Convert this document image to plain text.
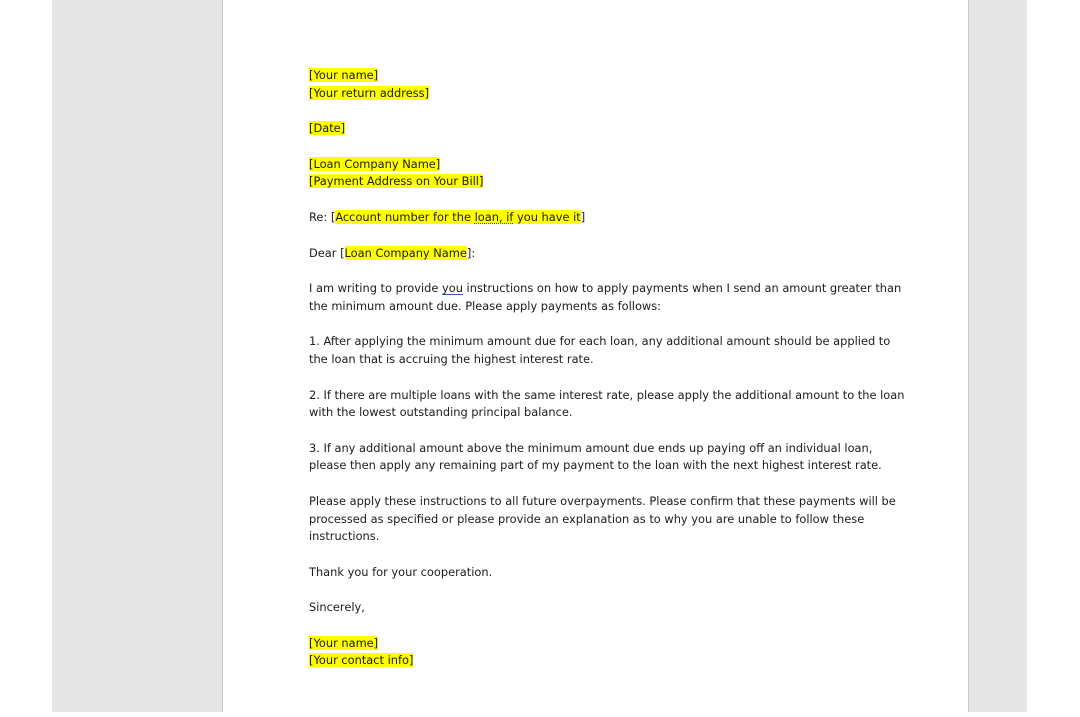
[Your name]
[Your return address]
[Date]
[Loan Company Name]
[Payment Address on Your Bill]
Re: [Account number for the loan, if you have it]
Dear [Loan Company Name]:
I am writing to provide you instructions on how to apply payments when I send an amount greater than
the minimum amount due. Please apply payments as follows:
1. After applying the minimum amount due for each loan, any additional amount should be applied to
the loan that is accruing the highest interest rate.
2. If there are multiple loans with the same interest rate, please apply the additional amount to the loan
with the lowest outstanding principal balance.
3. If any additional amount above the minimum amount due ends up paying off an individual loan,
please then apply any remaining part of my payment to the loan with the next highest interest rate.
Please apply these instructions to all future overpayments. Please confirm that these payments will be
processed as specified or please provide an explanation as to why you are unable to follow these
instructions.
Thank you for your cooperation.
Sincerely,
[Your name]
[Your contact info]
